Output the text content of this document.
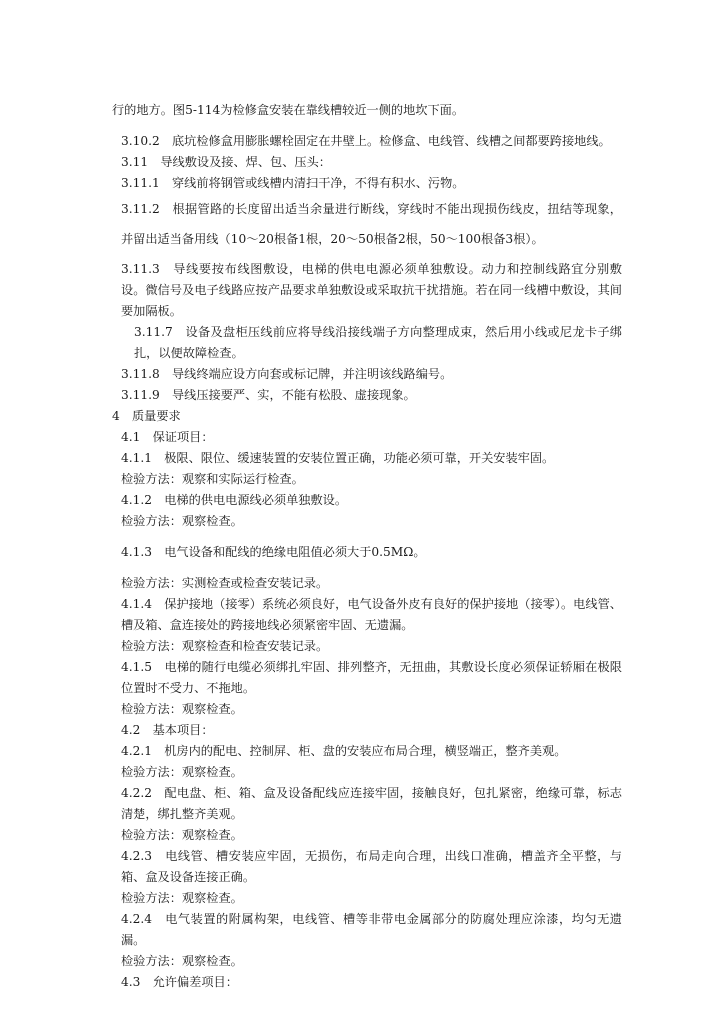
行的地方。图5-114为检修盒安装在靠线槽较近一侧的地坎下面。
3.10.2　底坑检修盒用膨胀螺栓固定在井壁上。检修盒、电线管、线槽之间都要跨接地线。
3.11　导线敷设及接、焊、包、压头：
3.11.1　穿线前将钢管或线槽内清扫干净，不得有积水、污物。
3.11.2　根据管路的长度留出适当余量进行断线，穿线时不能出现损伤线皮，扭结等现象，并留出适当备用线（10～20根备1根，20～50根备2根，50～100根备3根）。
3.11.3　导线要按布线图敷设，电梯的供电电源必须单独敷设。动力和控制线路宜分别敷设。微信号及电子线路应按产品要求单独敷设或采取抗干扰措施。若在同一线槽中敷设，其间要加隔板。
3.11.7　设备及盘柜压线前应将导线沿接线端子方向整理成束，然后用小线或尼龙卡子绑扎，以便故障检查。
3.11.8　导线终端应设方向套或标记牌，并注明该线路编号。
3.11.9　导线压接要严、实，不能有松股、虚接现象。
4　质量要求
4.1　保证项目：
4.1.1　极限、限位、缓速装置的安装位置正确，功能必须可靠，开关安装牢固。
检验方法：观察和实际运行检查。
4.1.2　电梯的供电电源线必须单独敷设。
检验方法：观察检查。
4.1.3　电气设备和配线的绝缘电阻值必须大于0.5MΩ。
检验方法：实测检查或检查安装记录。
4.1.4　保护接地（接零）系统必须良好，电气设备外皮有良好的保护接地（接零）。电线管、槽及箱、盒连接处的跨接地线必须紧密牢固、无遗漏。
检验方法：观察检查和检查安装记录。
4.1.5　电梯的随行电缆必须绑扎牢固、排列整齐，无扭曲，其敷设长度必须保证轿厢在极限位置时不受力、不拖地。
检验方法：观察检查。
4.2　基本项目：
4.2.1　机房内的配电、控制屏、柜、盘的安装应布局合理，横竖端正，整齐美观。
检验方法：观察检查。
4.2.2　配电盘、柜、箱、盒及设备配线应连接牢固，接触良好，包扎紧密，绝缘可靠，标志清楚，绑扎整齐美观。
检验方法：观察检查。
4.2.3　电线管、槽安装应牢固，无损伤，布局走向合理，出线口准确，槽盖齐全平整，与箱、盒及设备连接正确。
检验方法：观察检查。
4.2.4　电气装置的附属构架，电线管、槽等非带电金属部分的防腐处理应涂漆，均匀无遗漏。
检验方法：观察检查。
4.3　允许偏差项目：
